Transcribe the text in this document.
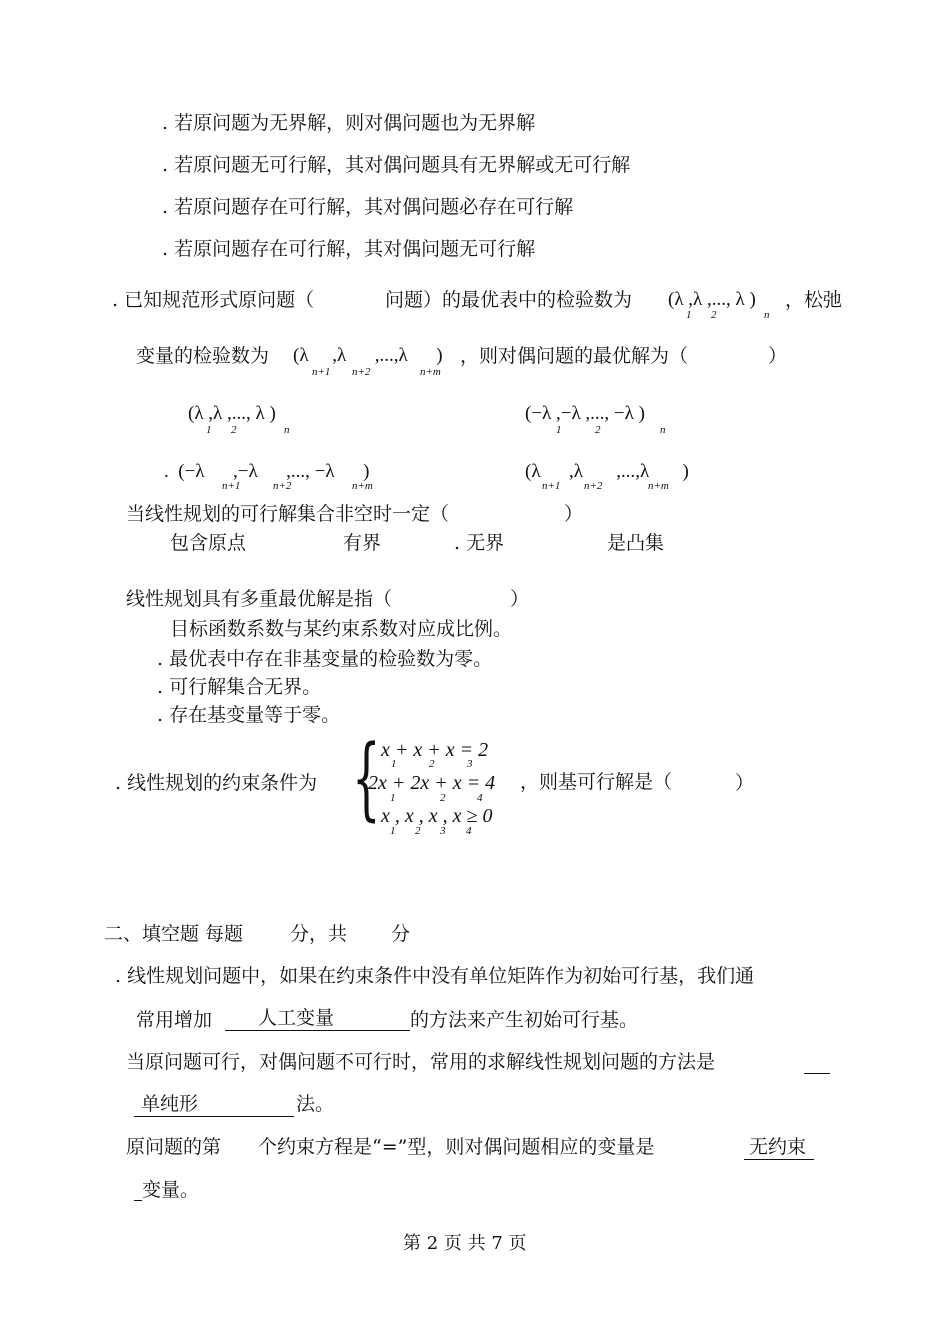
. 若原问题为无界解，则对偶问题也为无界解
. 若原问题无可行解，其对偶问题具有无界解或无可行解
. 若原问题存在可行解，其对偶问题必存在可行解
. 若原问题存在可行解，其对偶问题无可行解
. 已知规范形式原问题（	问题）的最优表中的检验数为 (λ ,λ ,..., λ )
1 2	n
，松弛
变量的检验数为 (λ     ,λ      ,...,λ      )
n+1 n+2	n+m
，则对偶问题的最优解为（	）
(λ ,λ ,..., λ )
1 2	n
(−λ ,−λ ,..., −λ )
1	2	n
.  (−λ      ,−λ      ,..., −λ      )
n+1	n+2	n+m
(λ      ,λ       ,...,λ       )
n+1 n+2	n+m
当线性规划的可行解集合非空时一定（	）
包含原点	有界	. 无界	是凸集
线性规划具有多重最优解是指（	）
目标函数系数与某约束系数对应成比例。
. 最优表中存在非基变量的检验数为零。
. 可行解集合无界。
. 存在基变量等于零。
. 线性规划的约束条件为 { x + x + x = 2
1	2	3
2x + 2x + x = 4
1	2	4
，则基可行解是（	）
x , x , x , x ≥ 0
1 2 3 4
二、填空题 每题 分，共 分
. 线性规划问题中，如果在约束条件中没有单位矩阵作为初始可行基，我们通
常用增加 人工变量	的方法来产生初始可行基。
当原问题可行，对偶问题不可行时，常用的求解线性规划问题的方法是
单纯形	法。
原问题的第 个约束方程是“=”型，则对偶问题相应的变量是	无约束
变量。
第 2 页 共 7 页
